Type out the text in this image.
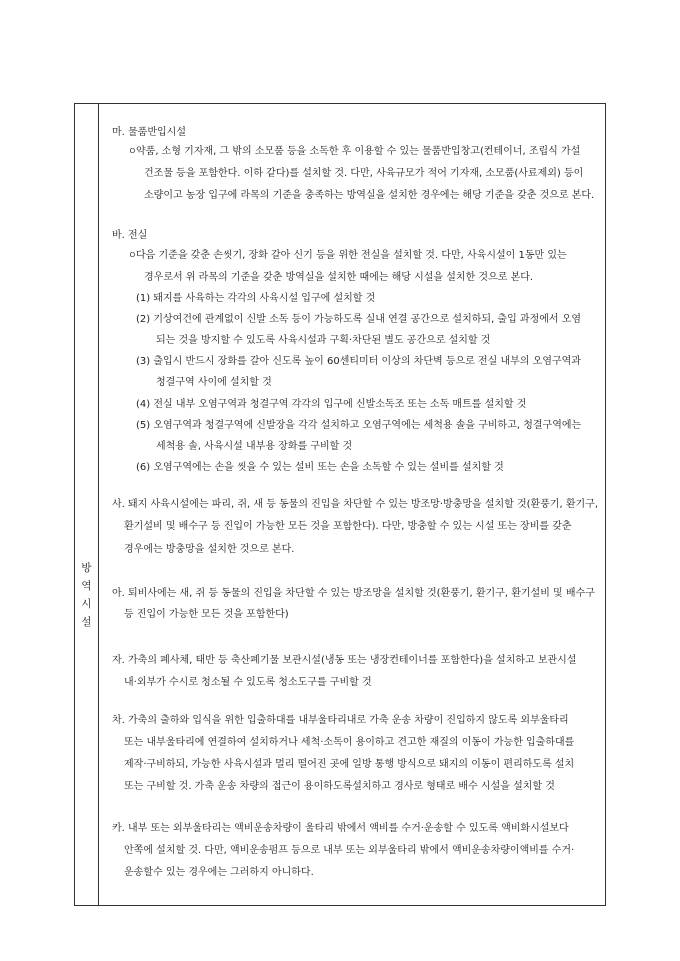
방
역
시
설
마. 물품반입시설
ㅇ 약품, 소형 기자재, 그 밖의 소모품 등을 소독한 후 이용할 수 있는 물품반입창고(컨테이너, 조립식 가설
건조물 등을 포함한다. 이하 같다)를 설치할 것. 다만, 사육규모가 적어 기자재, 소모품(사료제외) 등이
소량이고 농장 입구에 라목의 기준을 충족하는 방역실을 설치한 경우에는 해당 기준을 갖춘 것으로 본다.
바. 전실
ㅇ 다음 기준을 갖춘 손씻기, 장화 갈아 신기 등을 위한 전실을 설치할 것. 다만, 사육시설이 1동만 있는
경우로서 위 라목의 기준을 갖춘 방역실을 설치한 때에는 해당 시설을 설치한 것으로 본다.
(1) 돼지를 사육하는 각각의 사육시설 입구에 설치할 것
(2) 기상여건에 관계없이 신발 소독 등이 가능하도록 실내 연결 공간으로 설치하되, 출입 과정에서 오염
되는 것을 방지할 수 있도록 사육시설과 구획·차단된 별도 공간으로 설치할 것
(3) 출입시 반드시 장화를 갈아 신도록 높이 60센티미터 이상의 차단벽 등으로 전실 내부의 오염구역과
청결구역 사이에 설치할 것
(4) 전실 내부 오염구역과 청결구역 각각의 입구에 신발소독조 또는 소독 매트를 설치할 것
(5) 오염구역과 청결구역에 신발장을 각각 설치하고 오염구역에는 세척용 솔을 구비하고, 청결구역에는
세척용 솔, 사육시설 내부용 장화를 구비할 것
(6) 오염구역에는 손을 씻을 수 있는 설비 또는 손을 소독할 수 있는 설비를 설치할 것
사. 돼지 사육시설에는 파리, 쥐, 새 등 동물의 진입을 차단할 수 있는 방조망·방충망을 설치할 것(환풍기, 환기구,
환기설비 및 배수구 등 진입이 가능한 모든 것을 포함한다). 다만, 방충할 수 있는 시설 또는 장비를 갖춘
경우에는 방충망을 설치한 것으로 본다.
아. 퇴비사에는 새, 쥐 등 동물의 진입을 차단할 수 있는 방조망을 설치할 것(환풍기, 환기구, 환기설비 및 배수구
등 진입이 가능한 모든 것을 포함한다)
자. 가축의 폐사체, 태반 등 축산폐기물 보관시설(냉동 또는 냉장컨테이너를 포함한다)을 설치하고 보관시설
내·외부가 수시로 청소될 수 있도록 청소도구를 구비할 것
차. 가축의 출하와 입식을 위한 입출하대를 내부울타리내로 가축 운송 차량이 진입하지 않도록 외부울타리
또는 내부울타리에 연결하여 설치하거나 세척·소독이 용이하고 견고한 재질의 이동이 가능한 입출하대를
제작·구비하되, 가능한 사육시설과 멀리 떨어진 곳에 일방 통행 방식으로 돼지의 이동이 편리하도록 설치
또는 구비할 것. 가축 운송 차량의 접근이 용이하도록설치하고 경사로 형태로 배수 시설을 설치할 것
카. 내부 또는 외부울타리는 액비운송차량이 울타리 밖에서 액비를 수거·운송할 수 있도록 액비화시설보다
안쪽에 설치할 것. 다만, 액비운송펌프 등으로 내부 또는 외부울타리 밖에서 액비운송차량이액비를 수거·
운송할수 있는 경우에는 그러하지 아니하다.
